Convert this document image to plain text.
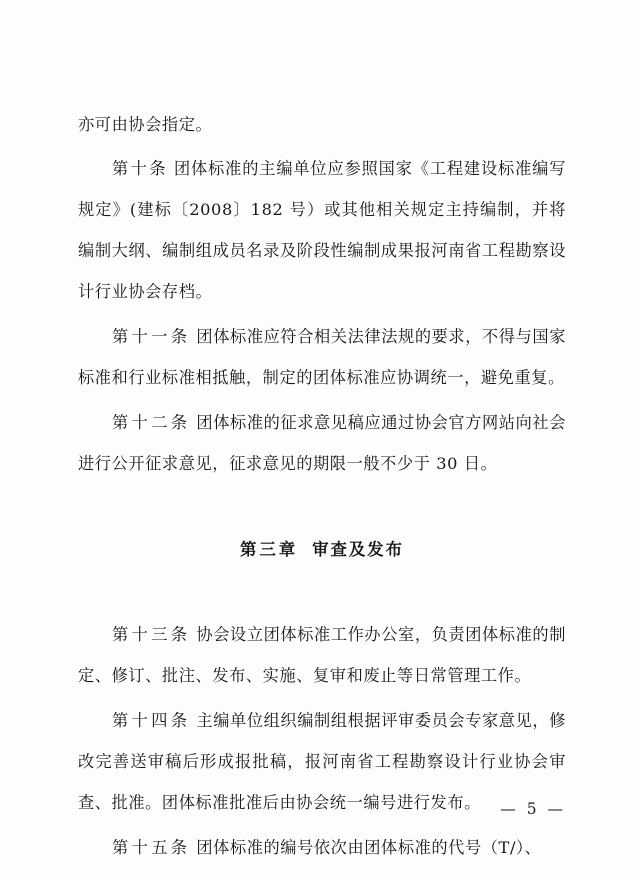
亦可由协会指定。

第十条 团体标准的主编单位应参照国家《工程建设标准编写规定》(建标〔2008〕182 号）或其他相关规定主持编制，并将编制大纲、编制组成员名录及阶段性编制成果报河南省工程勘察设计行业协会存档。

第十一条 团体标准应符合相关法律法规的要求，不得与国家标准和行业标准相抵触，制定的团体标准应协调统一，避免重复。

第十二条 团体标准的征求意见稿应通过协会官方网站向社会进行公开征求意见，征求意见的期限一般不少于 30 日。

第三章 审查及发布

第十三条 协会设立团体标准工作办公室，负责团体标准的制定、修订、批注、发布、实施、复审和废止等日常管理工作。

第十四条 主编单位组织编制组根据评审委员会专家意见，修改完善送审稿后形成报批稿，报河南省工程勘察设计行业协会审查、批准。团体标准批准后由协会统一编号进行发布。

第十五条 团体标准的编号依次由团体标准的代号（T/）、

— 5 —
